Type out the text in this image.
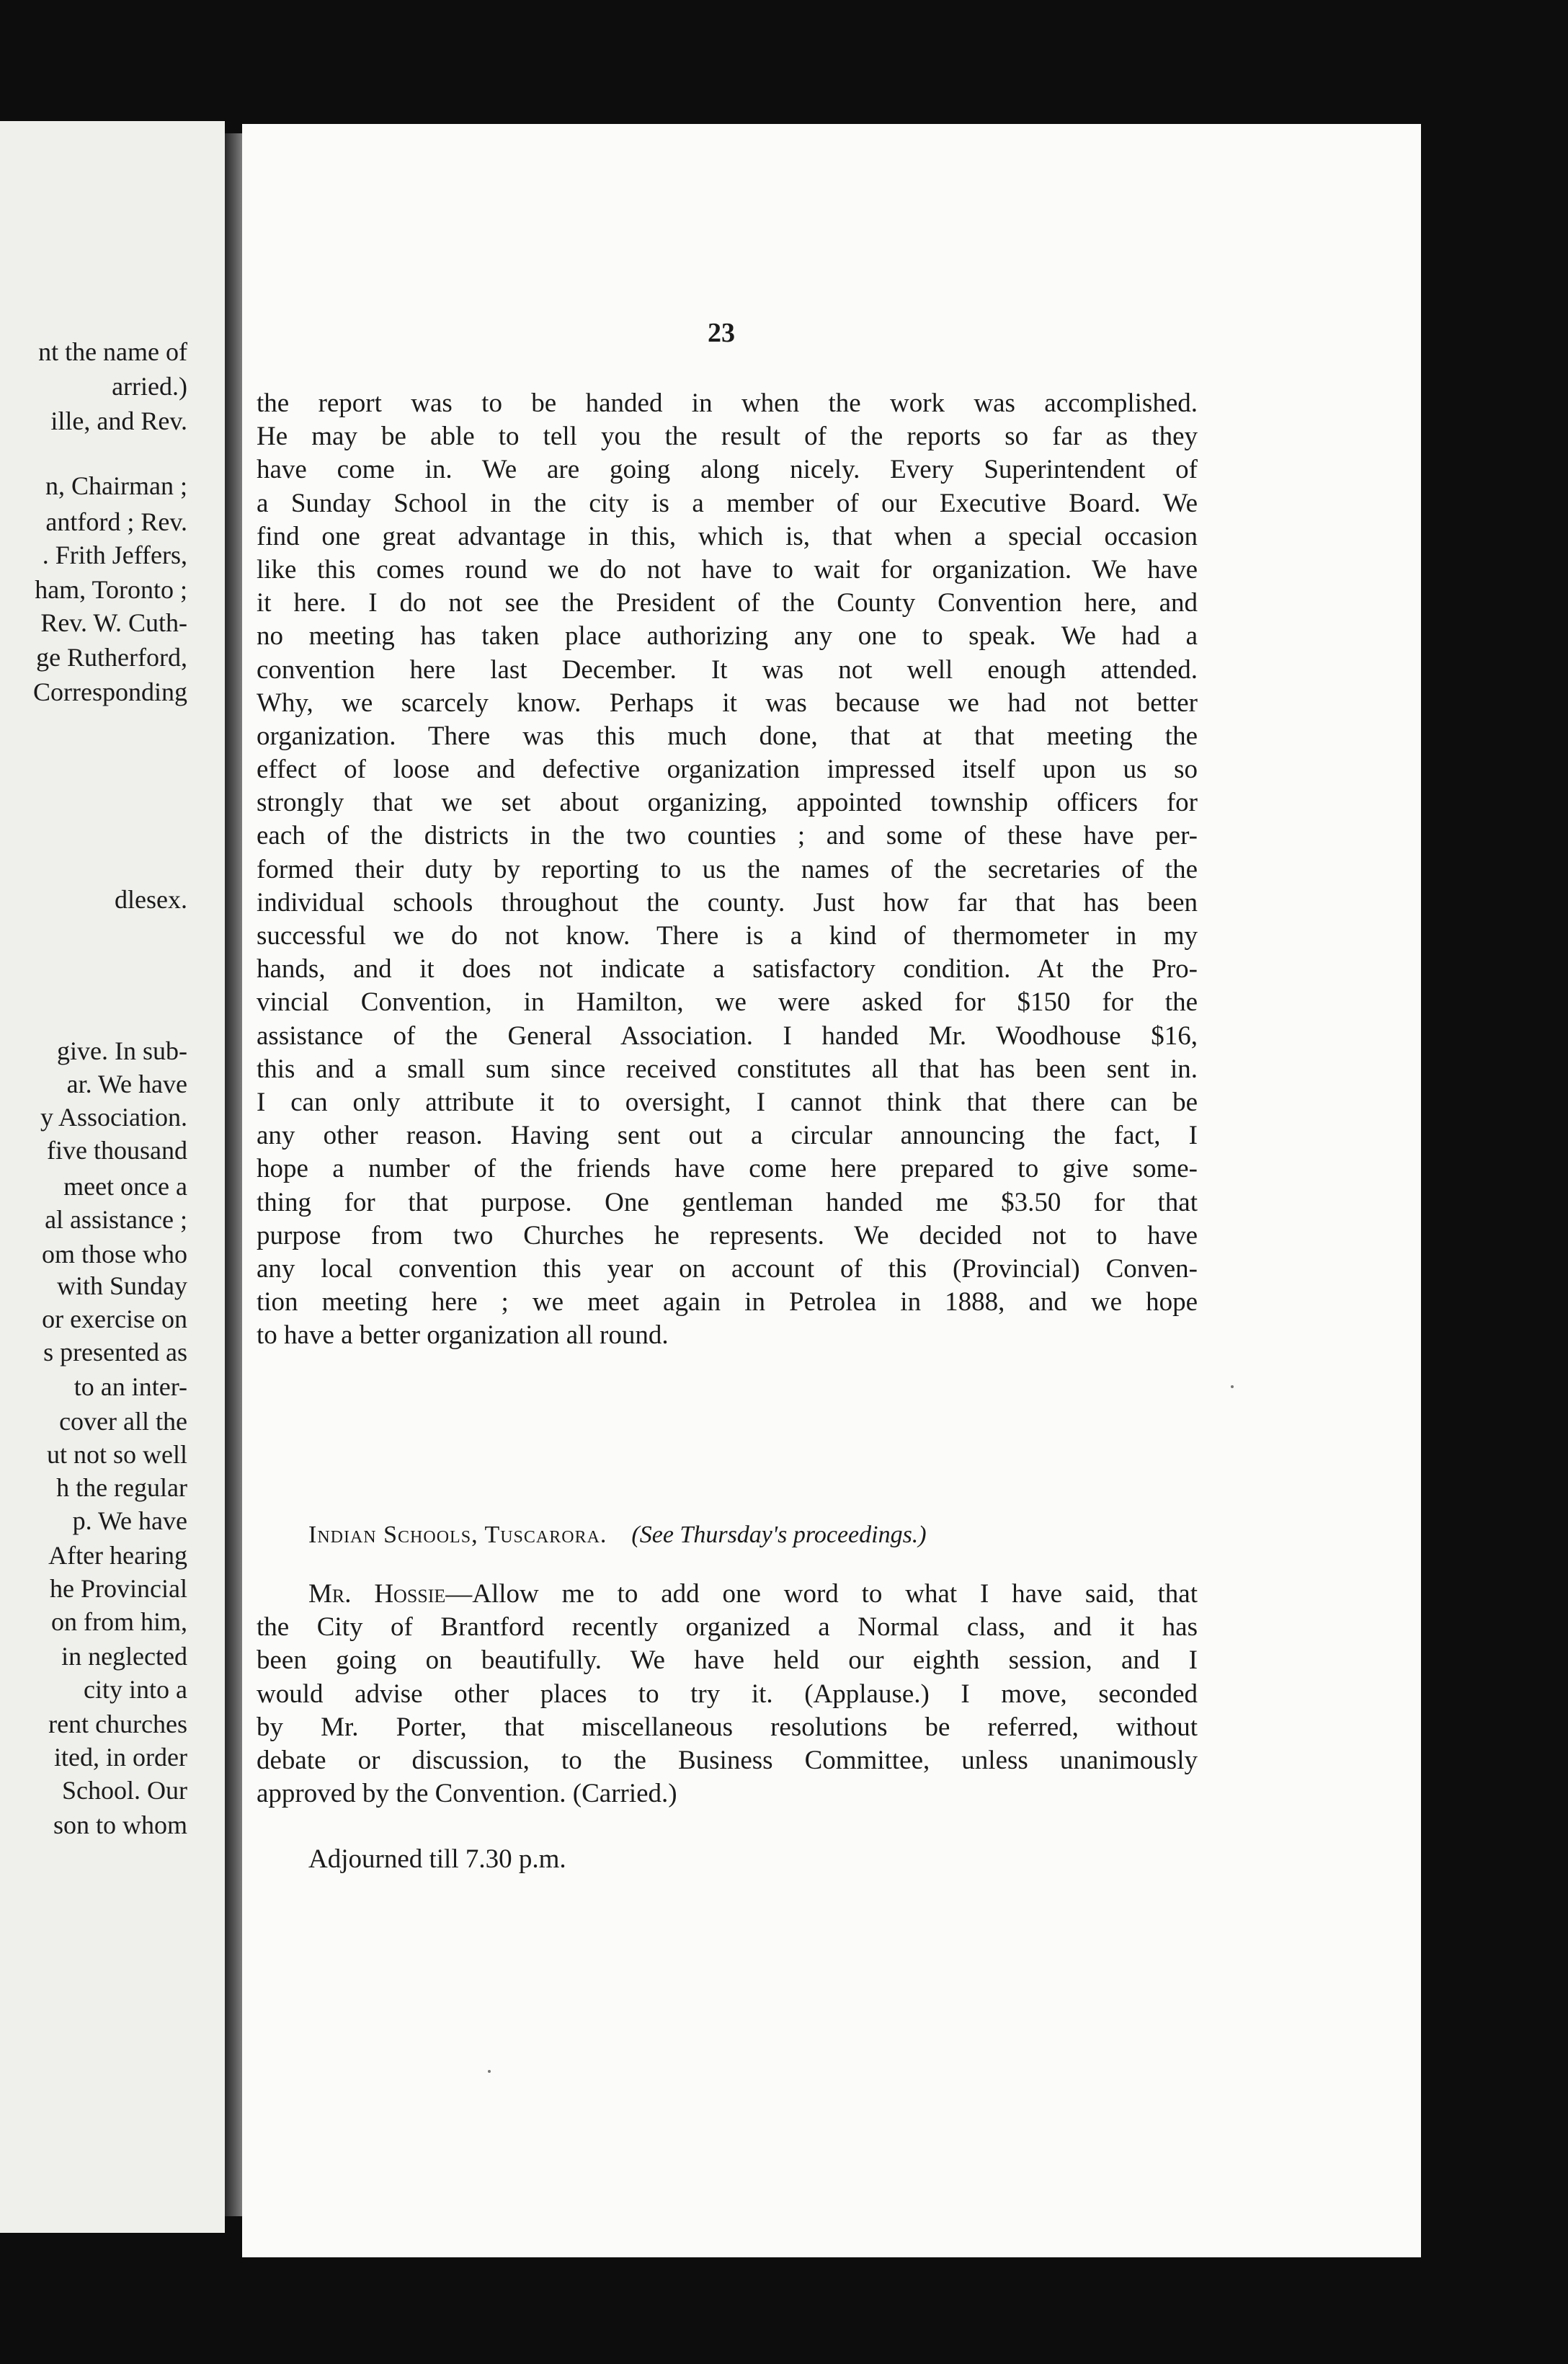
nt the name of
arried.)
ille, and Rev.
n, Chairman ;
antford ; Rev.
. Frith Jeffers,
ham, Toronto ;
Rev. W. Cuth-
ge Rutherford,
Corresponding
dlesex.
give. In sub-
ar. We have
y Association.
five thousand
meet once a
al assistance ;
om those who
with Sunday
or exercise on
s presented as
to an inter-
cover all the
ut not so well
h the regular
p. We have
After hearing
he Provincial
on from him,
in neglected
city into a
rent churches
ited, in order
School. Our
son to whom
23
the report was to be handed in when the work was accomplished.
He may be able to tell you the result of the reports so far as they
have come in. We are going along nicely. Every Superintendent of
a Sunday School in the city is a member of our Executive Board. We
find one great advantage in this, which is, that when a special occasion
like this comes round we do not have to wait for organization. We have
it here. I do not see the President of the County Convention here, and
no meeting has taken place authorizing any one to speak. We had a
convention here last December. It was not well enough attended.
Why, we scarcely know. Perhaps it was because we had not better
organization. There was this much done, that at that meeting the
effect of loose and defective organization impressed itself upon us so
strongly that we set about organizing, appointed township officers for
each of the districts in the two counties ; and some of these have per-
formed their duty by reporting to us the names of the secretaries of the
individual schools throughout the county. Just how far that has been
successful we do not know. There is a kind of thermometer in my
hands, and it does not indicate a satisfactory condition. At the Pro-
vincial Convention, in Hamilton, we were asked for $150 for the
assistance of the General Association. I handed Mr. Woodhouse $16,
this and a small sum since received constitutes all that has been sent in.
I can only attribute it to oversight, I cannot think that there can be
any other reason. Having sent out a circular announcing the fact, I
hope a number of the friends have come here prepared to give some-
thing for that purpose. One gentleman handed me $3.50 for that
purpose from two Churches he represents. We decided not to have
any local convention this year on account of this (Provincial) Conven-
tion meeting here ; we meet again in Petrolea in 1888, and we hope
to have a better organization all round.
Indian Schools, Tuscarora. (See Thursday's proceedings.)
Mr. Hossie—Allow me to add one word to what I have said, that
the City of Brantford recently organized a Normal class, and it has
been going on beautifully. We have held our eighth session, and I
would advise other places to try it. (Applause.) I move, seconded
by Mr. Porter, that miscellaneous resolutions be referred, without
debate or discussion, to the Business Committee, unless unanimously
approved by the Convention. (Carried.)
Adjourned till 7.30 p.m.
